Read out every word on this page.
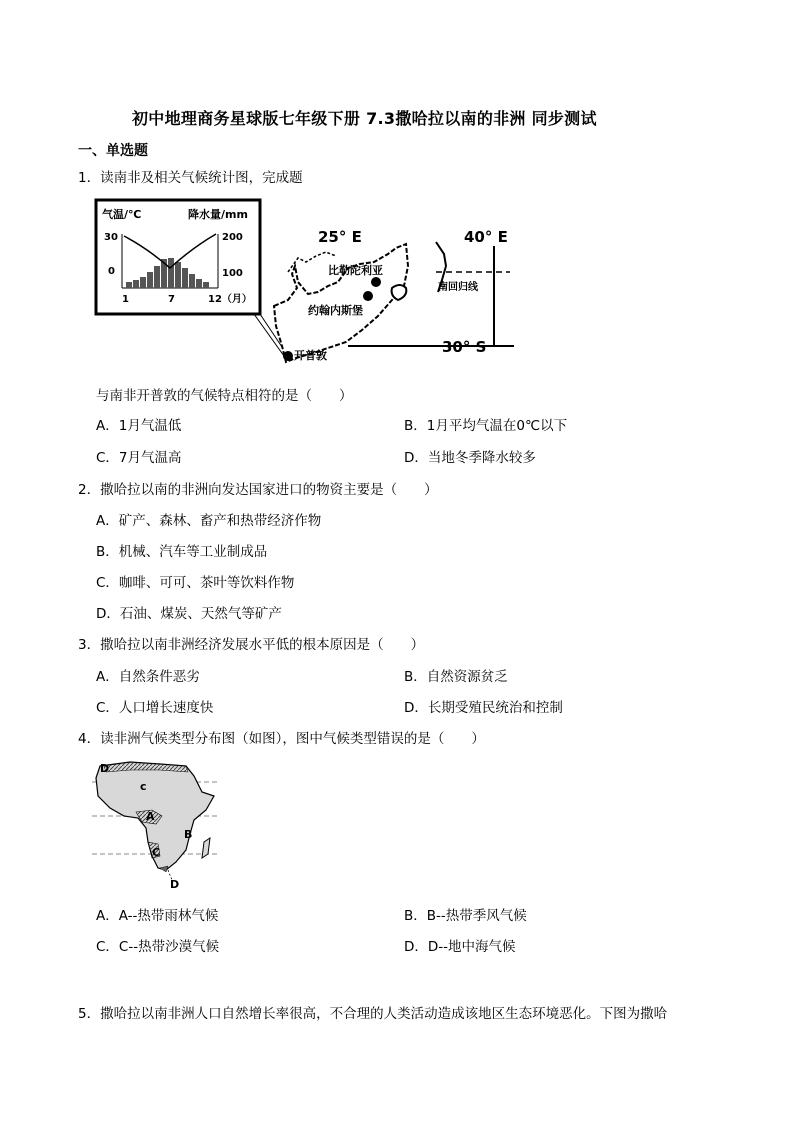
初中地理商务星球版七年级下册 7.3撒哈拉以南的非洲 同步测试
一、单选题
1．读南非及相关气候统计图，完成题
气温/℃	降水量/mm
30
0
200
100
1	7	12（月）
25° E	40° E
南回归线
30° S
比勒陀利亚
约翰内斯堡
开普敦
与南非开普敦的气候特点相符的是（　　）
A．1月气温低	B．1月平均气温在0℃以下
C．7月气温高	D．当地冬季降水较多
2．撒哈拉以南的非洲向发达国家进口的物资主要是（　　）
A．矿产、森林、畜产和热带经济作物
B．机械、汽车等工业制成品
C．咖啡、可可、茶叶等饮料作物
D．石油、煤炭、天然气等矿产
3．撒哈拉以南非洲经济发展水平低的根本原因是（　　）
A．自然条件恶劣	B．自然资源贫乏
C．人口增长速度快	D．长期受殖民统治和控制
4．读非洲气候类型分布图（如图），图中气候类型错误的是（　　）
D
c
A
B
C
D
A．A--热带雨林气候	B．B--热带季风气候
C．C--热带沙漠气候	D．D--地中海气候
5．撒哈拉以南非洲人口自然增长率很高，不合理的人类活动造成该地区生态环境恶化。下图为撒哈
